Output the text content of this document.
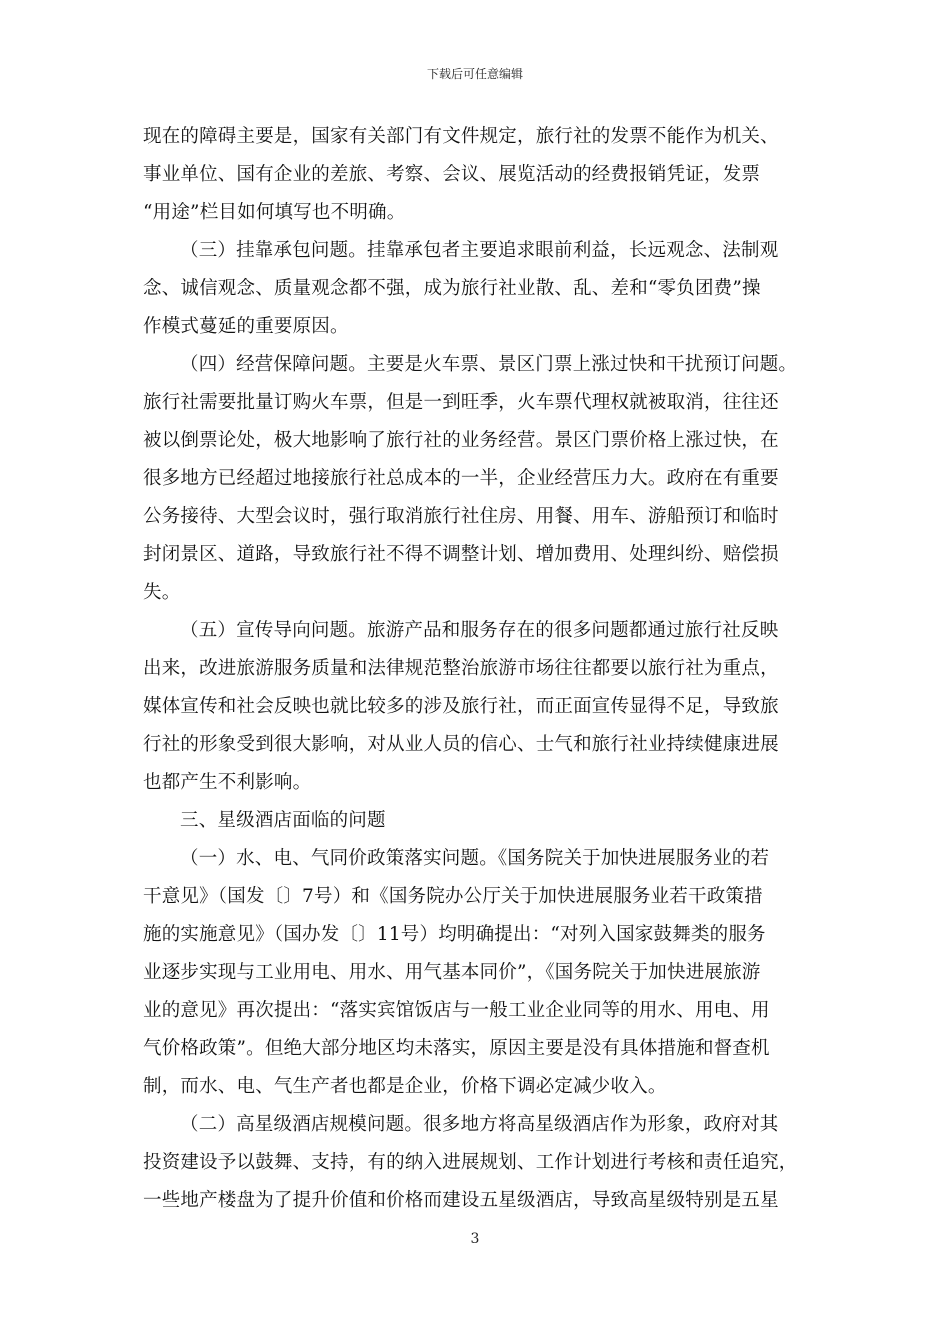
下载后可任意编辑
现在的障碍主要是，国家有关部门有文件规定，旅行社的发票不能作为机关、
事业单位、国有企业的差旅、考察、会议、展览活动的经费报销凭证，发票
“用途”栏目如何填写也不明确。
（三）挂靠承包问题。挂靠承包者主要追求眼前利益，长远观念、法制观
念、诚信观念、质量观念都不强，成为旅行社业散、乱、差和“零负团费”操
作模式蔓延的重要原因。
（四）经营保障问题。主要是火车票、景区门票上涨过快和干扰预订问题。
旅行社需要批量订购火车票，但是一到旺季，火车票代理权就被取消，往往还
被以倒票论处，极大地影响了旅行社的业务经营。景区门票价格上涨过快，在
很多地方已经超过地接旅行社总成本的一半，企业经营压力大。政府在有重要
公务接待、大型会议时，强行取消旅行社住房、用餐、用车、游船预订和临时
封闭景区、道路，导致旅行社不得不调整计划、增加费用、处理纠纷、赔偿损
失。
（五）宣传导向问题。旅游产品和服务存在的很多问题都通过旅行社反映
出来，改进旅游服务质量和法律规范整治旅游市场往往都要以旅行社为重点，
媒体宣传和社会反映也就比较多的涉及旅行社，而正面宣传显得不足，导致旅
行社的形象受到很大影响，对从业人员的信心、士气和旅行社业持续健康进展
也都产生不利影响。
三、星级酒店面临的问题
（一）水、电、气同价政策落实问题。《国务院关于加快进展服务业的若
干意见》（国发〔〕7号）和《国务院办公厅关于加快进展服务业若干政策措
施的实施意见》（国办发〔〕11号）均明确提出：“对列入国家鼓舞类的服务
业逐步实现与工业用电、用水、用气基本同价”，《国务院关于加快进展旅游
业的意见》再次提出：“落实宾馆饭店与一般工业企业同等的用水、用电、用
气价格政策”。但绝大部分地区均未落实，原因主要是没有具体措施和督查机
制，而水、电、气生产者也都是企业，价格下调必定减少收入。
（二）高星级酒店规模问题。很多地方将高星级酒店作为形象，政府对其
投资建设予以鼓舞、支持，有的纳入进展规划、工作计划进行考核和责任追究，
一些地产楼盘为了提升价值和价格而建设五星级酒店，导致高星级特别是五星
3
